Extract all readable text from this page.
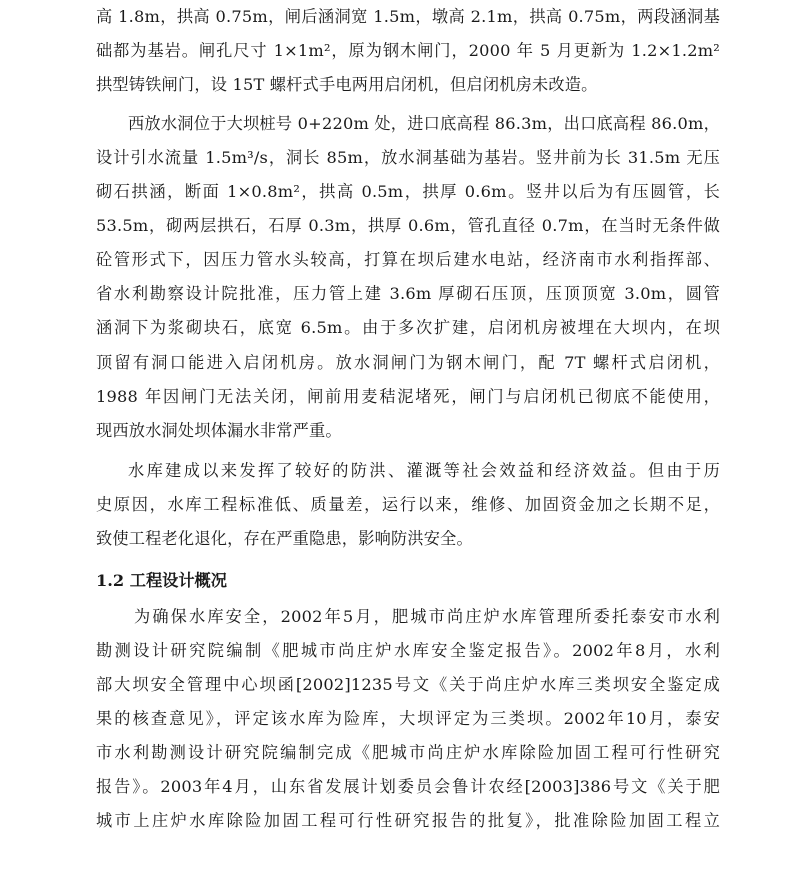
高 1.8m，拱高 0.75m，闸后涵洞宽 1.5m，墩高 2.1m，拱高 0.75m，两段涵洞基
础都为基岩。闸孔尺寸 1×1m²，原为钢木闸门，2000 年 5 月更新为 1.2×1.2m²
拱型铸铁闸门，设 15T 螺杆式手电两用启闭机，但启闭机房未改造。
西放水洞位于大坝桩号 0+220m 处，进口底高程 86.3m，出口底高程 86.0m，
设计引水流量 1.5m³/s，洞长 85m，放水洞基础为基岩。竖井前为长 31.5m 无压
砌石拱涵，断面 1×0.8m²，拱高 0.5m，拱厚 0.6m。竖井以后为有压圆管，长
53.5m，砌两层拱石，石厚 0.3m，拱厚 0.6m，管孔直径 0.7m，在当时无条件做
砼管形式下，因压力管水头较高，打算在坝后建水电站，经济南市水利指挥部、
省水利勘察设计院批准，压力管上建 3.6m 厚砌石压顶，压顶顶宽 3.0m，圆管
涵洞下为浆砌块石，底宽 6.5m。由于多次扩建，启闭机房被埋在大坝内，在坝
顶留有洞口能进入启闭机房。放水洞闸门为钢木闸门，配 7T 螺杆式启闭机，
1988 年因闸门无法关闭，闸前用麦秸泥堵死，闸门与启闭机已彻底不能使用，
现西放水洞处坝体漏水非常严重。
水库建成以来发挥了较好的防洪、灌溉等社会效益和经济效益。但由于历
史原因，水库工程标准低、质量差，运行以来，维修、加固资金加之长期不足，
致使工程老化退化，存在严重隐患，影响防洪安全。
1.2 工程设计概况
为确保水库安全，2002年5月，肥城市尚庄炉水库管理所委托泰安市水利
勘测设计研究院编制《肥城市尚庄炉水库安全鉴定报告》。2002年8月，水利
部大坝安全管理中心坝函[2002]1235号文《关于尚庄炉水库三类坝安全鉴定成
果的核查意见》，评定该水库为险库，大坝评定为三类坝。2002年10月，泰安
市水利勘测设计研究院编制完成《肥城市尚庄炉水库除险加固工程可行性研究
报告》。2003年4月，山东省发展计划委员会鲁计农经[2003]386号文《关于肥
城市上庄炉水库除险加固工程可行性研究报告的批复》，批准除险加固工程立
